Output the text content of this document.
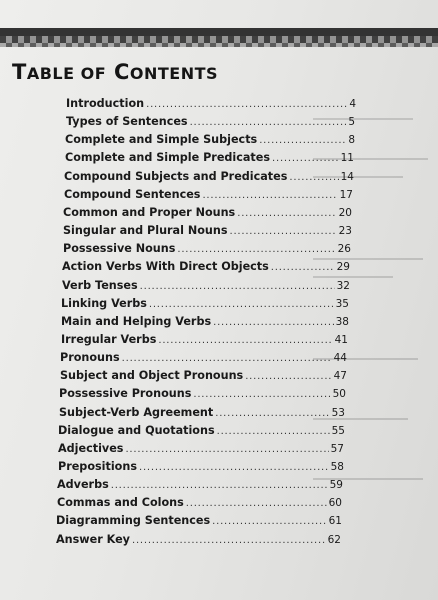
TABLE OF CONTENTS
Introduction . . .	4
Types of Sentences . . .	5
Complete and Simple Subjects . . .	8
Complete and Simple Predicates . . .	11
Compound Subjects and Predicates . . .	14
Compound Sentences . . .	17
Common and Proper Nouns . . .	20
Singular and Plural Nouns . . .	23
Possessive Nouns . . .	26
Action Verbs With Direct Objects . . .	29
Verb Tenses . . .	32
Linking Verbs . . .	35
Main and Helping Verbs . . .	38
Irregular Verbs . . .	41
Pronouns . . .	44
Subject and Object Pronouns . . .	47
Possessive Pronouns . . .	50
Subject-Verb Agreement . . .	53
Dialogue and Quotations . . .	55
Adjectives . . .	57
Prepositions . . .	58
Adverbs . . .	59
Commas and Colons . . .	60
Diagramming Sentences . . .	61
Answer Key . . .	62
